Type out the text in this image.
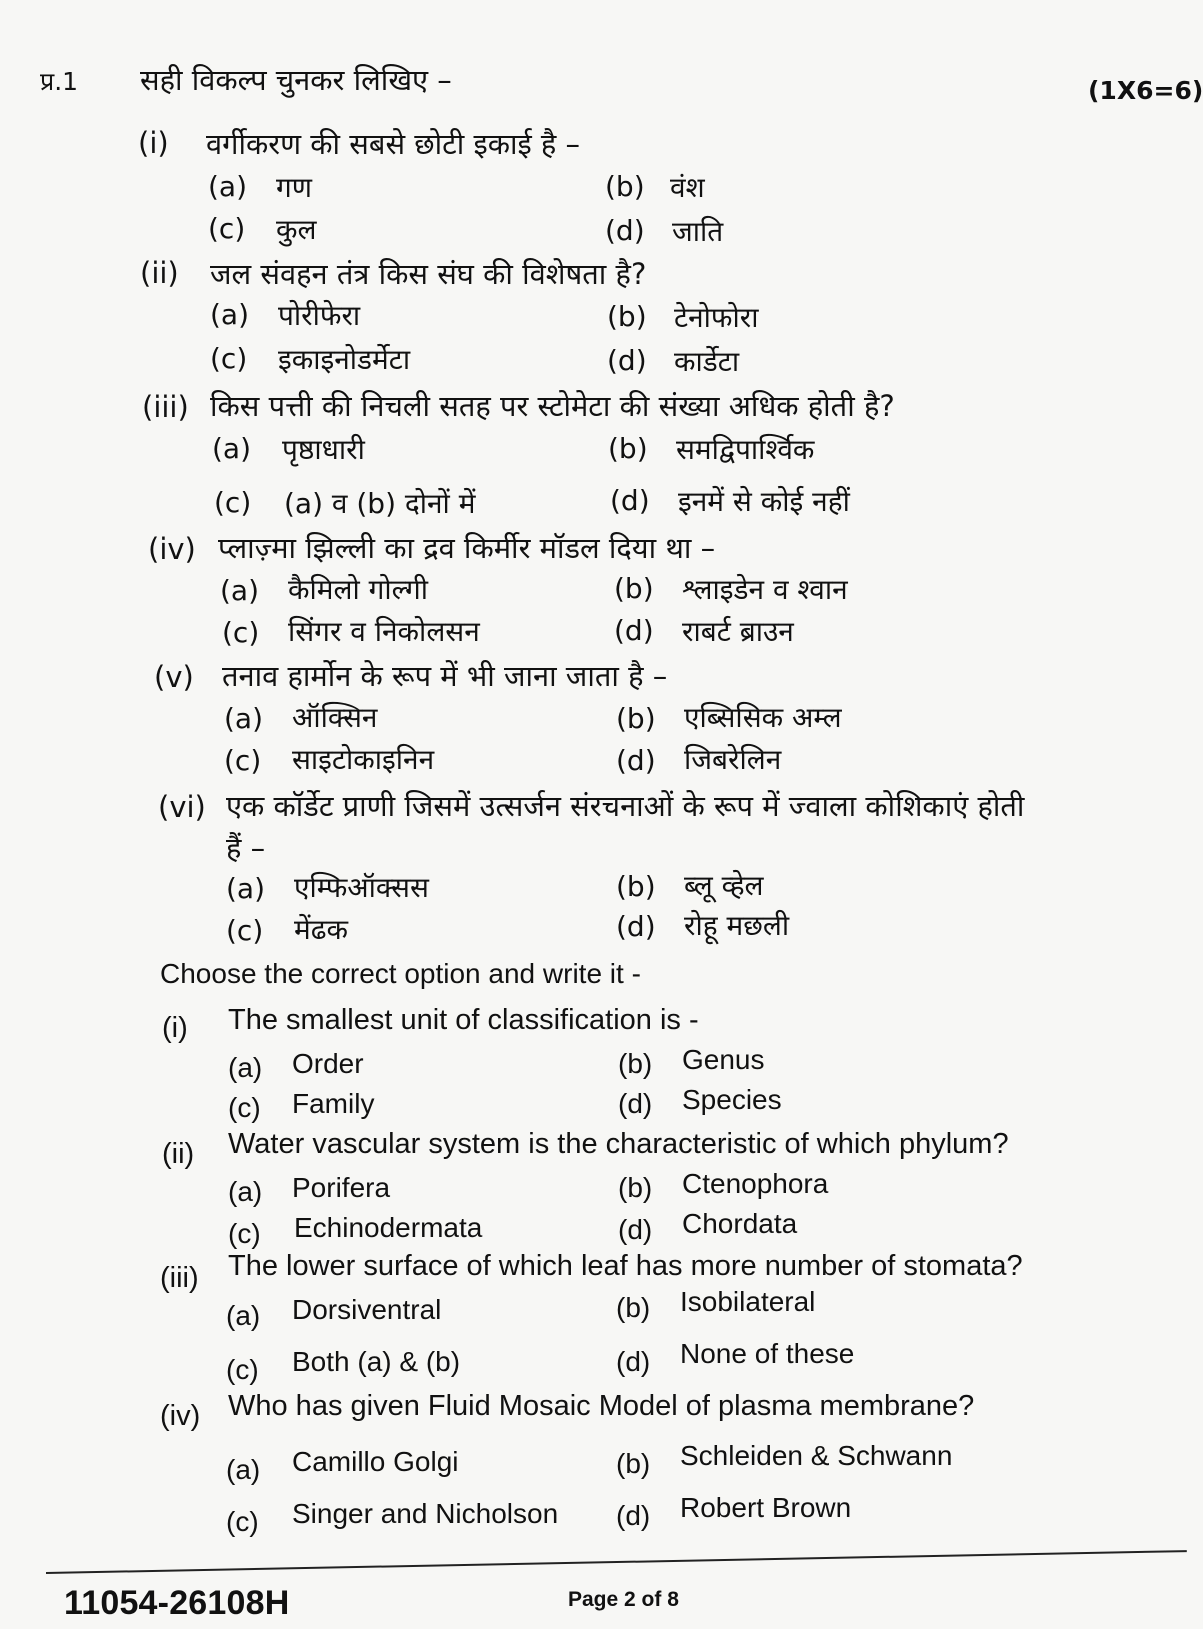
प्र.1 सही विकल्प चुनकर लिखिए –	(1X6=6)
(i) वर्गीकरण की सबसे छोटी इकाई है –
(a) गण	(b) वंश
(c) कुल	(d) जाति
(ii) जल संवहन तंत्र किस संघ की विशेषता है?
(a) पोरीफेरा	(b) टेनोफोरा
(c) इकाइनोडर्मेटा	(d) कार्डेटा
(iii) किस पत्ती की निचली सतह पर स्टोमेटा की संख्या अधिक होती है?
(a) पृष्ठाधारी	(b) समद्विपार्श्विक
(c) (a) व (b) दोनों में	(d) इनमें से कोई नहीं
(iv) प्लाज़्मा झिल्ली का द्रव किर्मीर मॉडल दिया था –
(a) कैमिलो गोल्गी	(b) श्लाइडेन व श्वान
(c) सिंगर व निकोलसन	(d) राबर्ट ब्राउन
(v) तनाव हार्मोन के रूप में भी जाना जाता है –
(a) ऑक्सिन	(b) एब्सिसिक अम्ल
(c) साइटोकाइनिन	(d) जिबरेलिन
(vi) एक कॉर्डेट प्राणी जिसमें उत्सर्जन संरचनाओं के रूप में ज्वाला कोशिकाएं होती
हैं –
(a) एम्फिऑक्सस	(b) ब्लू व्हेल
(c) मेंढक	(d) रोहू मछली
Choose the correct option and write it -
(i) The smallest unit of classification is -
(a) Order	(b) Genus
(c) Family	(d) Species
(ii) Water vascular system is the characteristic of which phylum?
(a) Porifera	(b) Ctenophora
(c) Echinodermata	(d) Chordata
(iii) The lower surface of which leaf has more number of stomata?
(a) Dorsiventral	(b) Isobilateral
(c) Both (a) & (b)	(d) None of these
(iv) Who has given Fluid Mosaic Model of plasma membrane?
(a) Camillo Golgi	(b) Schleiden & Schwann
(c) Singer and Nicholson (d) Robert Brown
11054-26108H	Page 2 of 8
